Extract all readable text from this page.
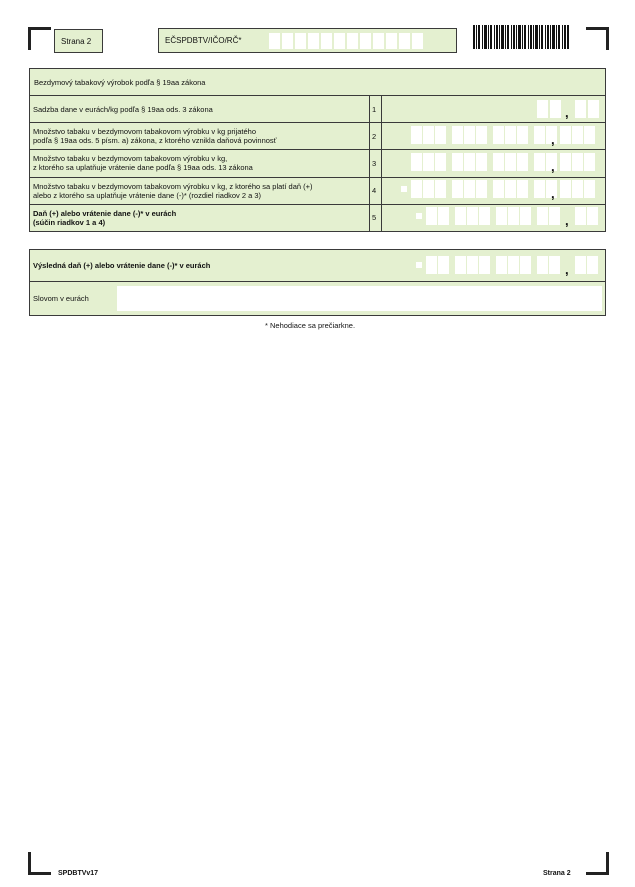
Strana 2	EČSPDBTV/IČO/RČ*
Bezdymový tabakový výrobok podľa § 19aa zákona
Sadzba dane v eurách/kg podľa § 19aa ods. 3 zákona	1	,
Množstvo tabaku v bezdymovom tabakovom výrobku v kg prijatého
podľa § 19aa ods. 5 písm. a) zákona, z ktorého vznikla daňová povinnosť	2	,
Množstvo tabaku v bezdymovom tabakovom výrobku v kg,
z ktorého sa uplatňuje vrátenie dane podľa § 19aa ods. 13 zákona	3	,
Množstvo tabaku v bezdymovom tabakovom výrobku v kg, z ktorého sa platí daň (+)
alebo z ktorého sa uplatňuje vrátenie dane (-)* (rozdiel riadkov 2 a 3)
4	,
Daň (+) alebo vrátenie dane (-)* v eurách
(súčin riadkov 1 a 4)
5	,
Výsledná daň (+) alebo vrátenie dane (-)* v eurách	,
Slovom v eurách
* Nehodiace sa prečiarkne.
SPDBTVv17	Strana 2
